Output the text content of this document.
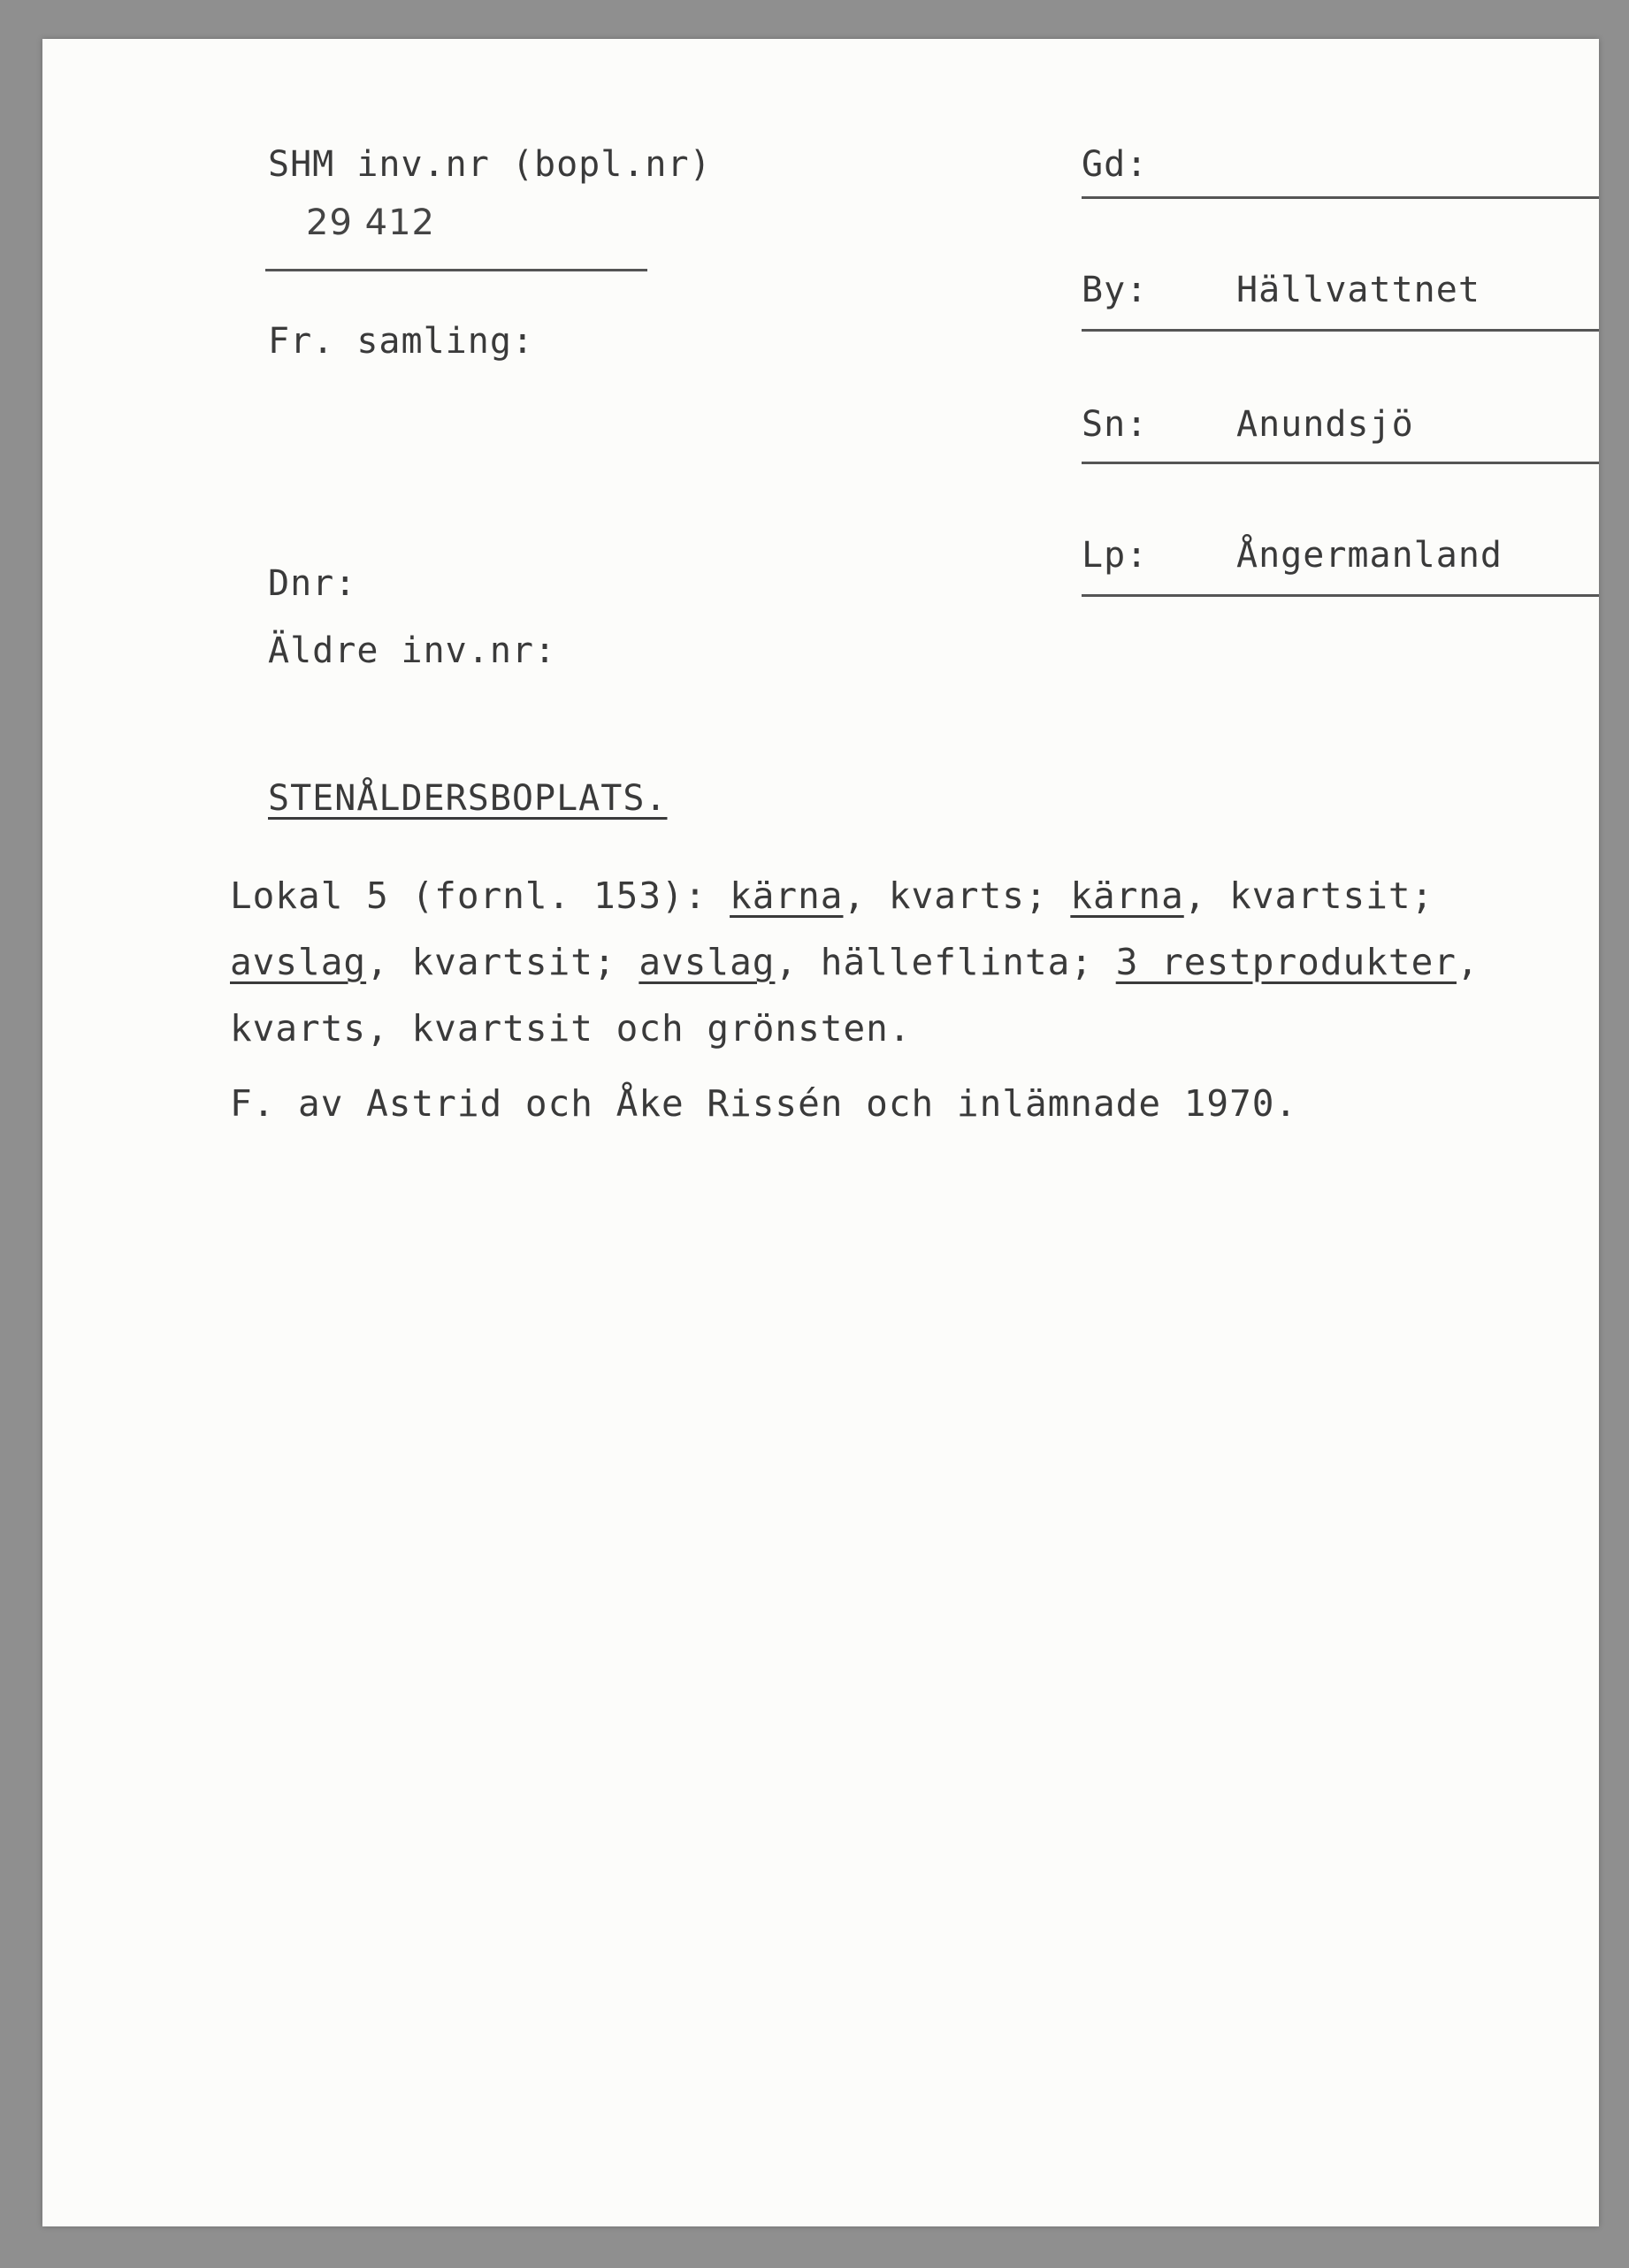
SHM inv.nr (bopl.nr)
29 412
Fr. samling:
Dnr:
Äldre inv.nr:
Gd:
By: Hällvattnet
Sn: Anundsjö
Lp: Ångermanland
STENÅLDERSBOPLATS.
Lokal 5 (fornl. 153): kärna, kvarts; kärna, kvartsit;
avslag, kvartsit; avslag, hälleflinta; 3 restprodukter,
kvarts, kvartsit och grönsten.
F. av Astrid och Åke Rissén och inlämnade 1970.
